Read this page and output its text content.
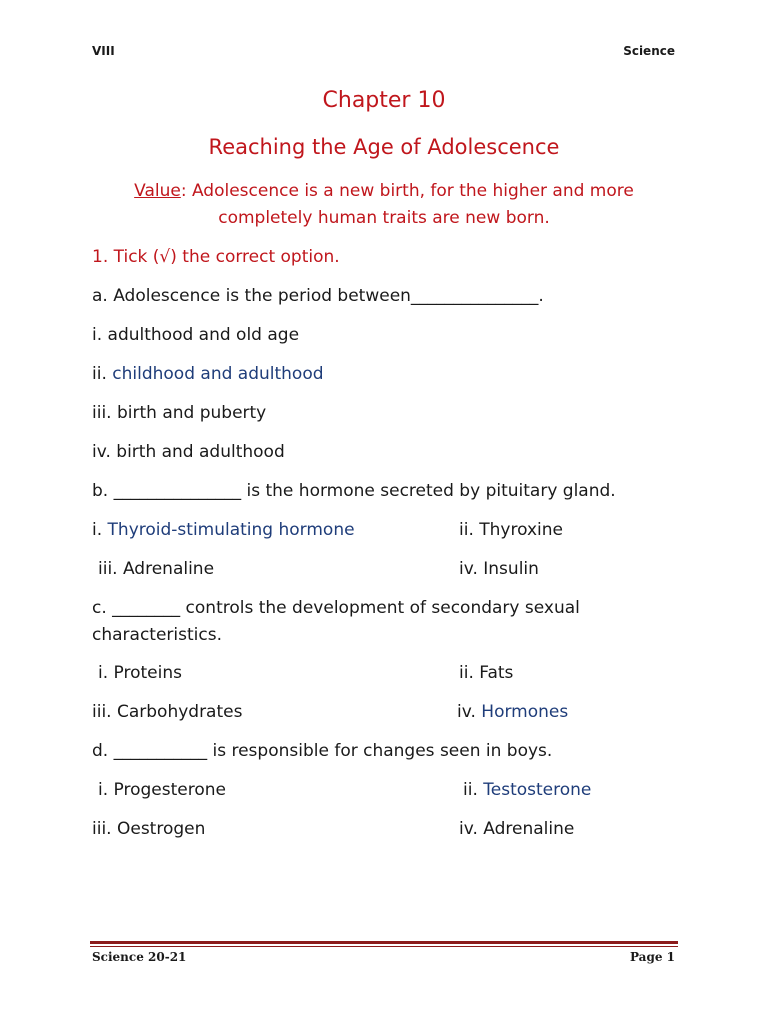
VIII	Science
Chapter 10
Reaching the Age of Adolescence
Value: Adolescence is a new birth, for the higher and more
completely human traits are new born.
1. Tick (√) the correct option.
a. Adolescence is the period between_______________.
i. adulthood and old age
ii. childhood and adulthood
iii. birth and puberty
iv. birth and adulthood
b. _______________ is the hormone secreted by pituitary gland.
i. Thyroid-stimulating hormone	ii. Thyroxine
iii. Adrenaline	iv. Insulin
c. ________ controls the development of secondary sexual
characteristics.
i. Proteins	ii. Fats
iii. Carbohydrates	iv. Hormones
d. ___________ is responsible for changes seen in boys.
i. Progesterone	ii. Testosterone
iii. Oestrogen	iv. Adrenaline
Science 20-21	Page 1
